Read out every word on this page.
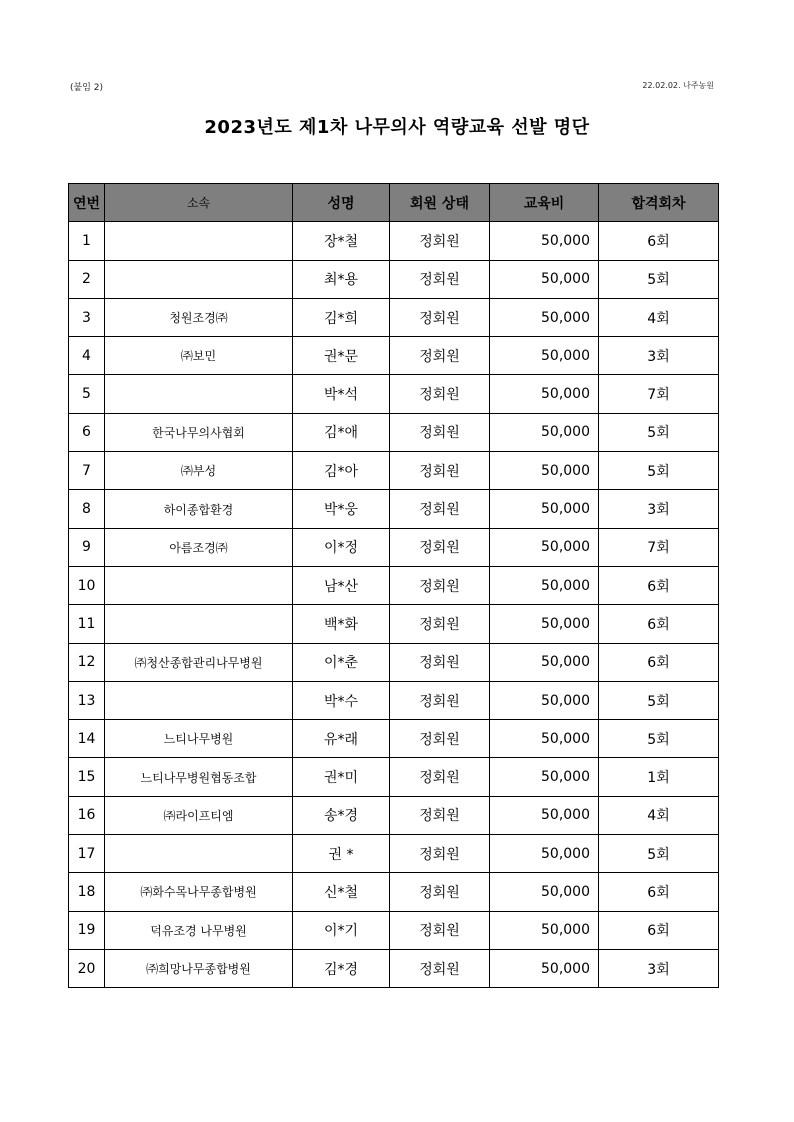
(붙임 2)	22.02.02. 나주농원
2023년도 제1차 나무의사 역량교육 선발 명단
연번	소속	성명	회원 상태	교육비	합격회차
1		장*철	정회원	50,000	6회
2		최*용	정회원	50,000	5회
3	청원조경㈜	김*희	정회원	50,000	4회
4	㈜보민	권*문	정회원	50,000	3회
5		박*석	정회원	50,000	7회
6	한국나무의사협회	김*애	정회원	50,000	5회
7	㈜부성	김*아	정회원	50,000	5회
8	하이종합환경	박*웅	정회원	50,000	3회
9	아름조경㈜	이*정	정회원	50,000	7회
10		남*산	정회원	50,000	6회
11		백*화	정회원	50,000	6회
12	㈜청산종합관리나무병원	이*춘	정회원	50,000	6회
13		박*수	정회원	50,000	5회
14	느티나무병원	유*래	정회원	50,000	5회
15	느티나무병원협동조합	권*미	정회원	50,000	1회
16	㈜라이프티엠	송*경	정회원	50,000	4회
17		권 *	정회원	50,000	5회
18	㈜화수목나무종합병원	신*철	정회원	50,000	6회
19	덕유조경 나무병원	이*기	정회원	50,000	6회
20	㈜희망나무종합병원	김*경	정회원	50,000	3회
